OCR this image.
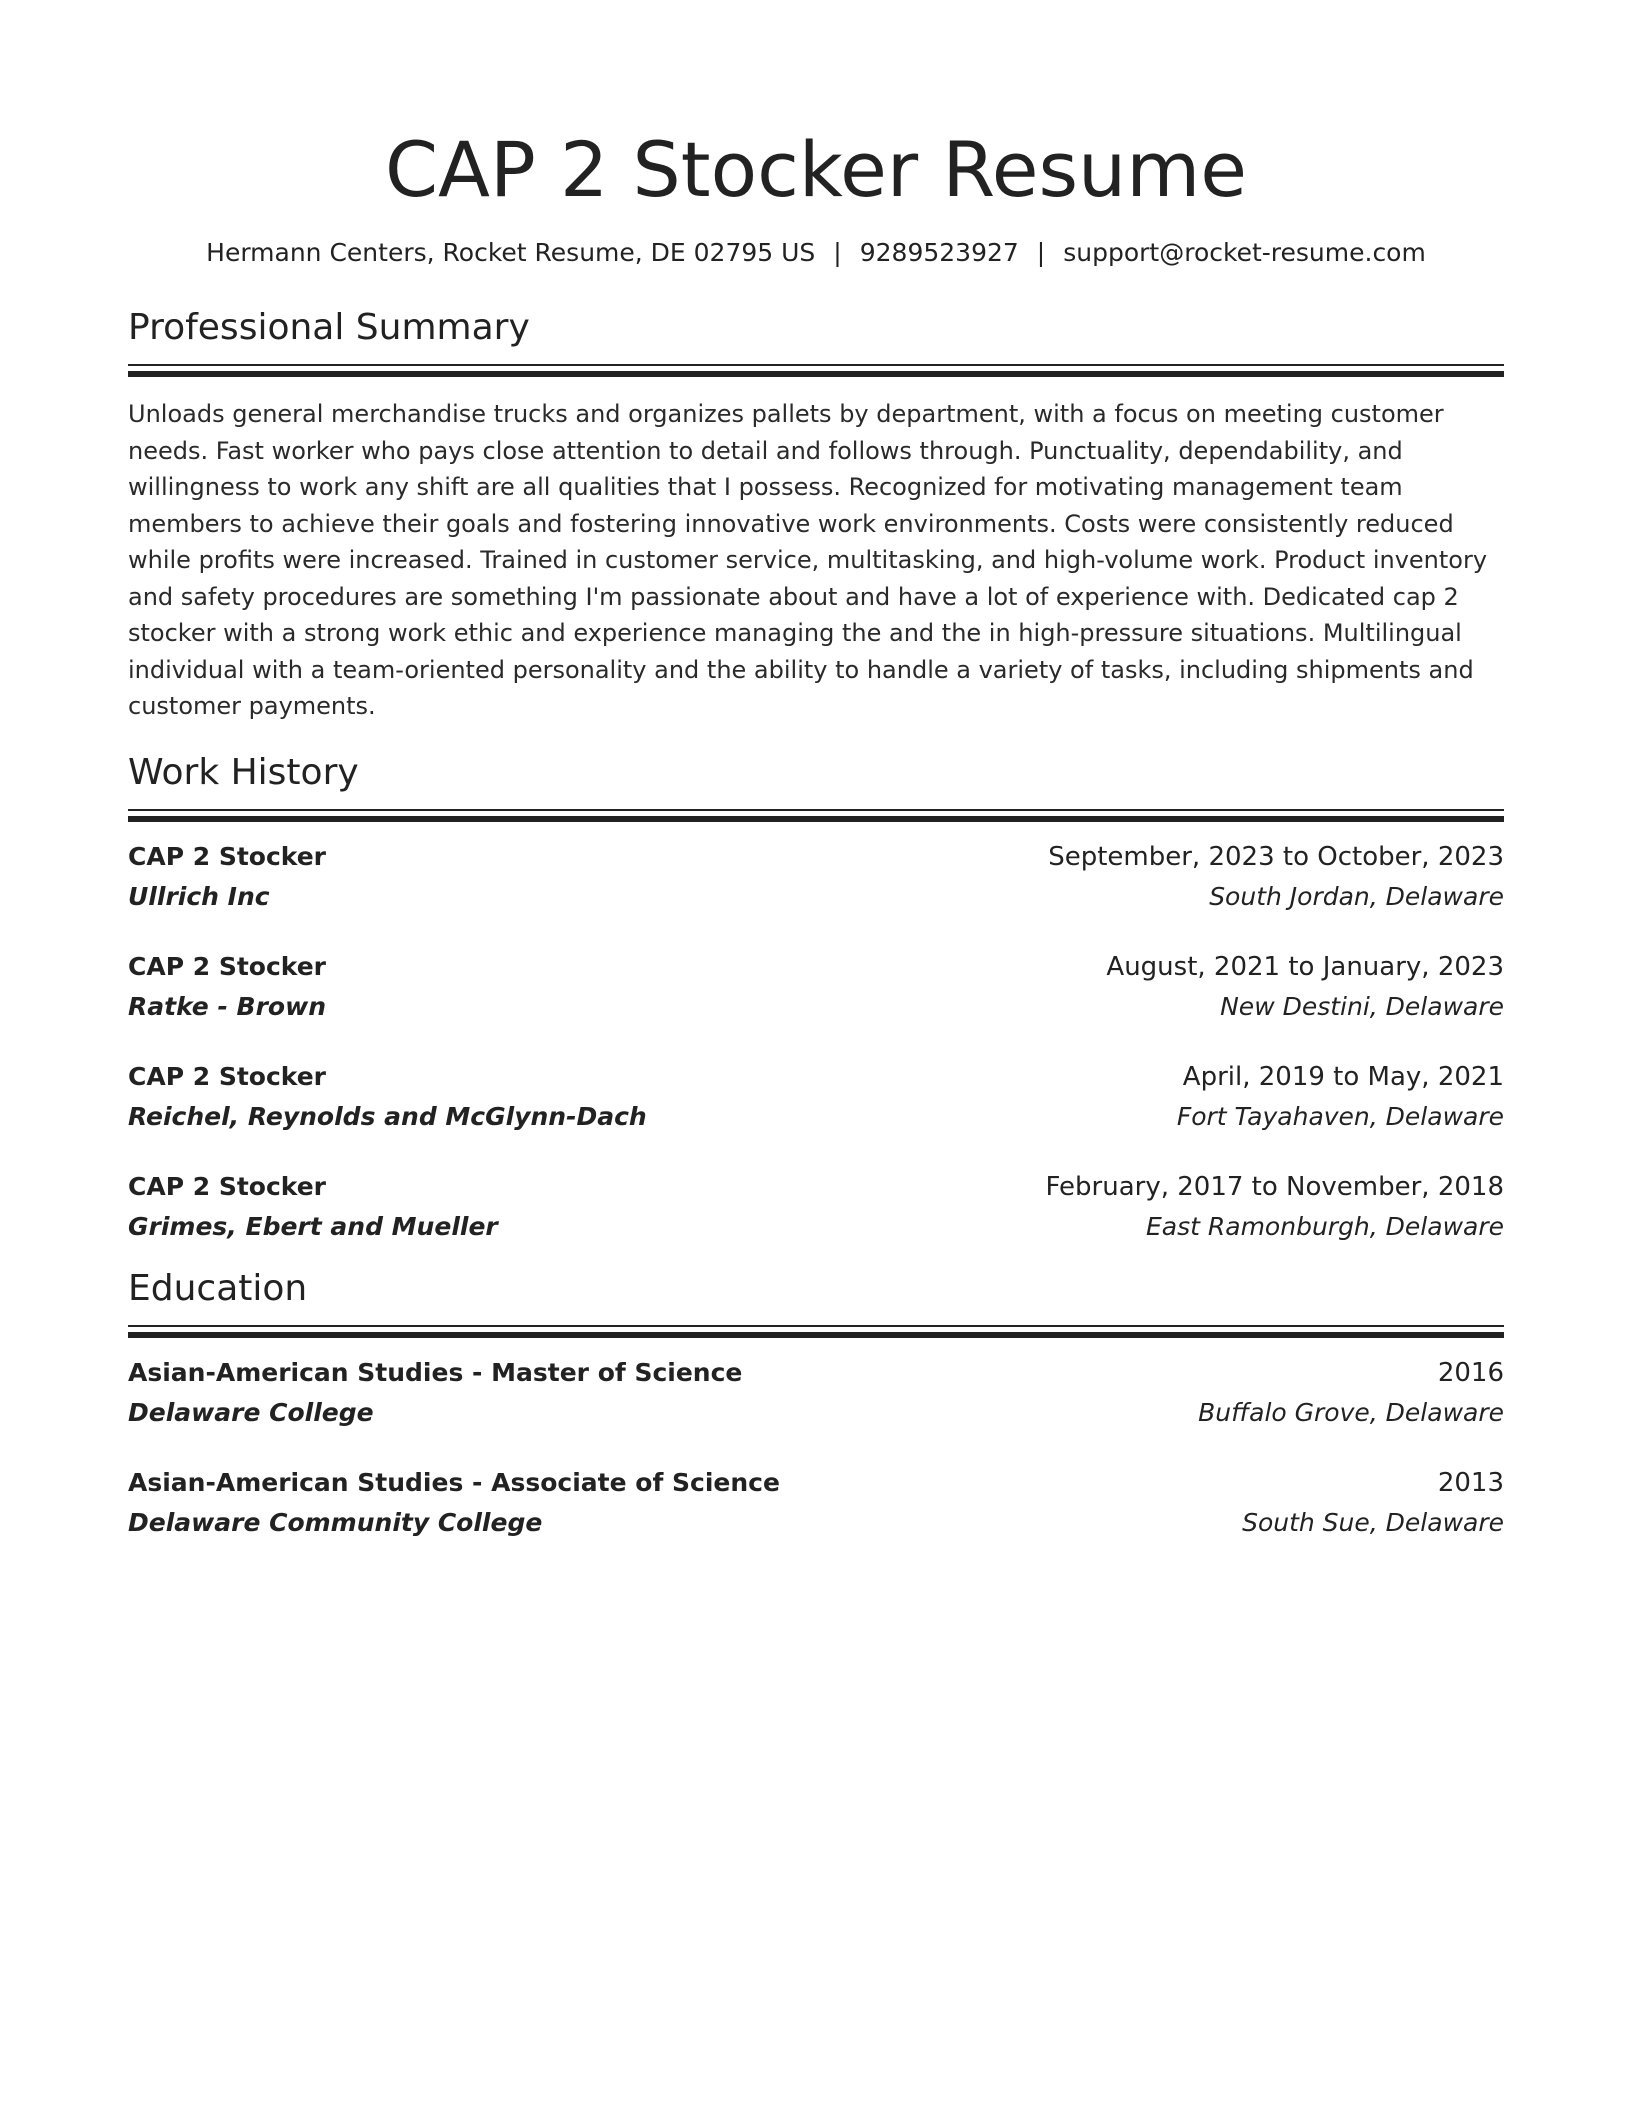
CAP 2 Stocker Resume
Hermann Centers, Rocket Resume, DE 02795 US | 9289523927 | support@rocket-resume.com
Professional Summary

Unloads general merchandise trucks and organizes pallets by department, with a focus on meeting customer needs. Fast worker who pays close attention to detail and follows through. Punctuality, dependability, and willingness to work any shift are all qualities that I possess. Recognized for motivating management team members to achieve their goals and fostering innovative work environments. Costs were consistently reduced while profits were increased. Trained in customer service, multitasking, and high-volume work. Product inventory and safety procedures are something I'm passionate about and have a lot of experience with. Dedicated cap 2 stocker with a strong work ethic and experience managing the and the in high-pressure situations. Multilingual individual with a team-oriented personality and the ability to handle a variety of tasks, including shipments and customer payments.

Work History
CAP 2 Stocker	September, 2023 to October, 2023
Ullrich Inc	South Jordan, Delaware
CAP 2 Stocker	August, 2021 to January, 2023
Ratke - Brown	New Destini, Delaware
CAP 2 Stocker	April, 2019 to May, 2021
Reichel, Reynolds and McGlynn-Dach	Fort Tayahaven, Delaware
CAP 2 Stocker	February, 2017 to November, 2018
Grimes, Ebert and Mueller	East Ramonburgh, Delaware
Education
Asian-American Studies - Master of Science	2016
Delaware College	Buffalo Grove, Delaware
Asian-American Studies - Associate of Science	2013
Delaware Community College	South Sue, Delaware
